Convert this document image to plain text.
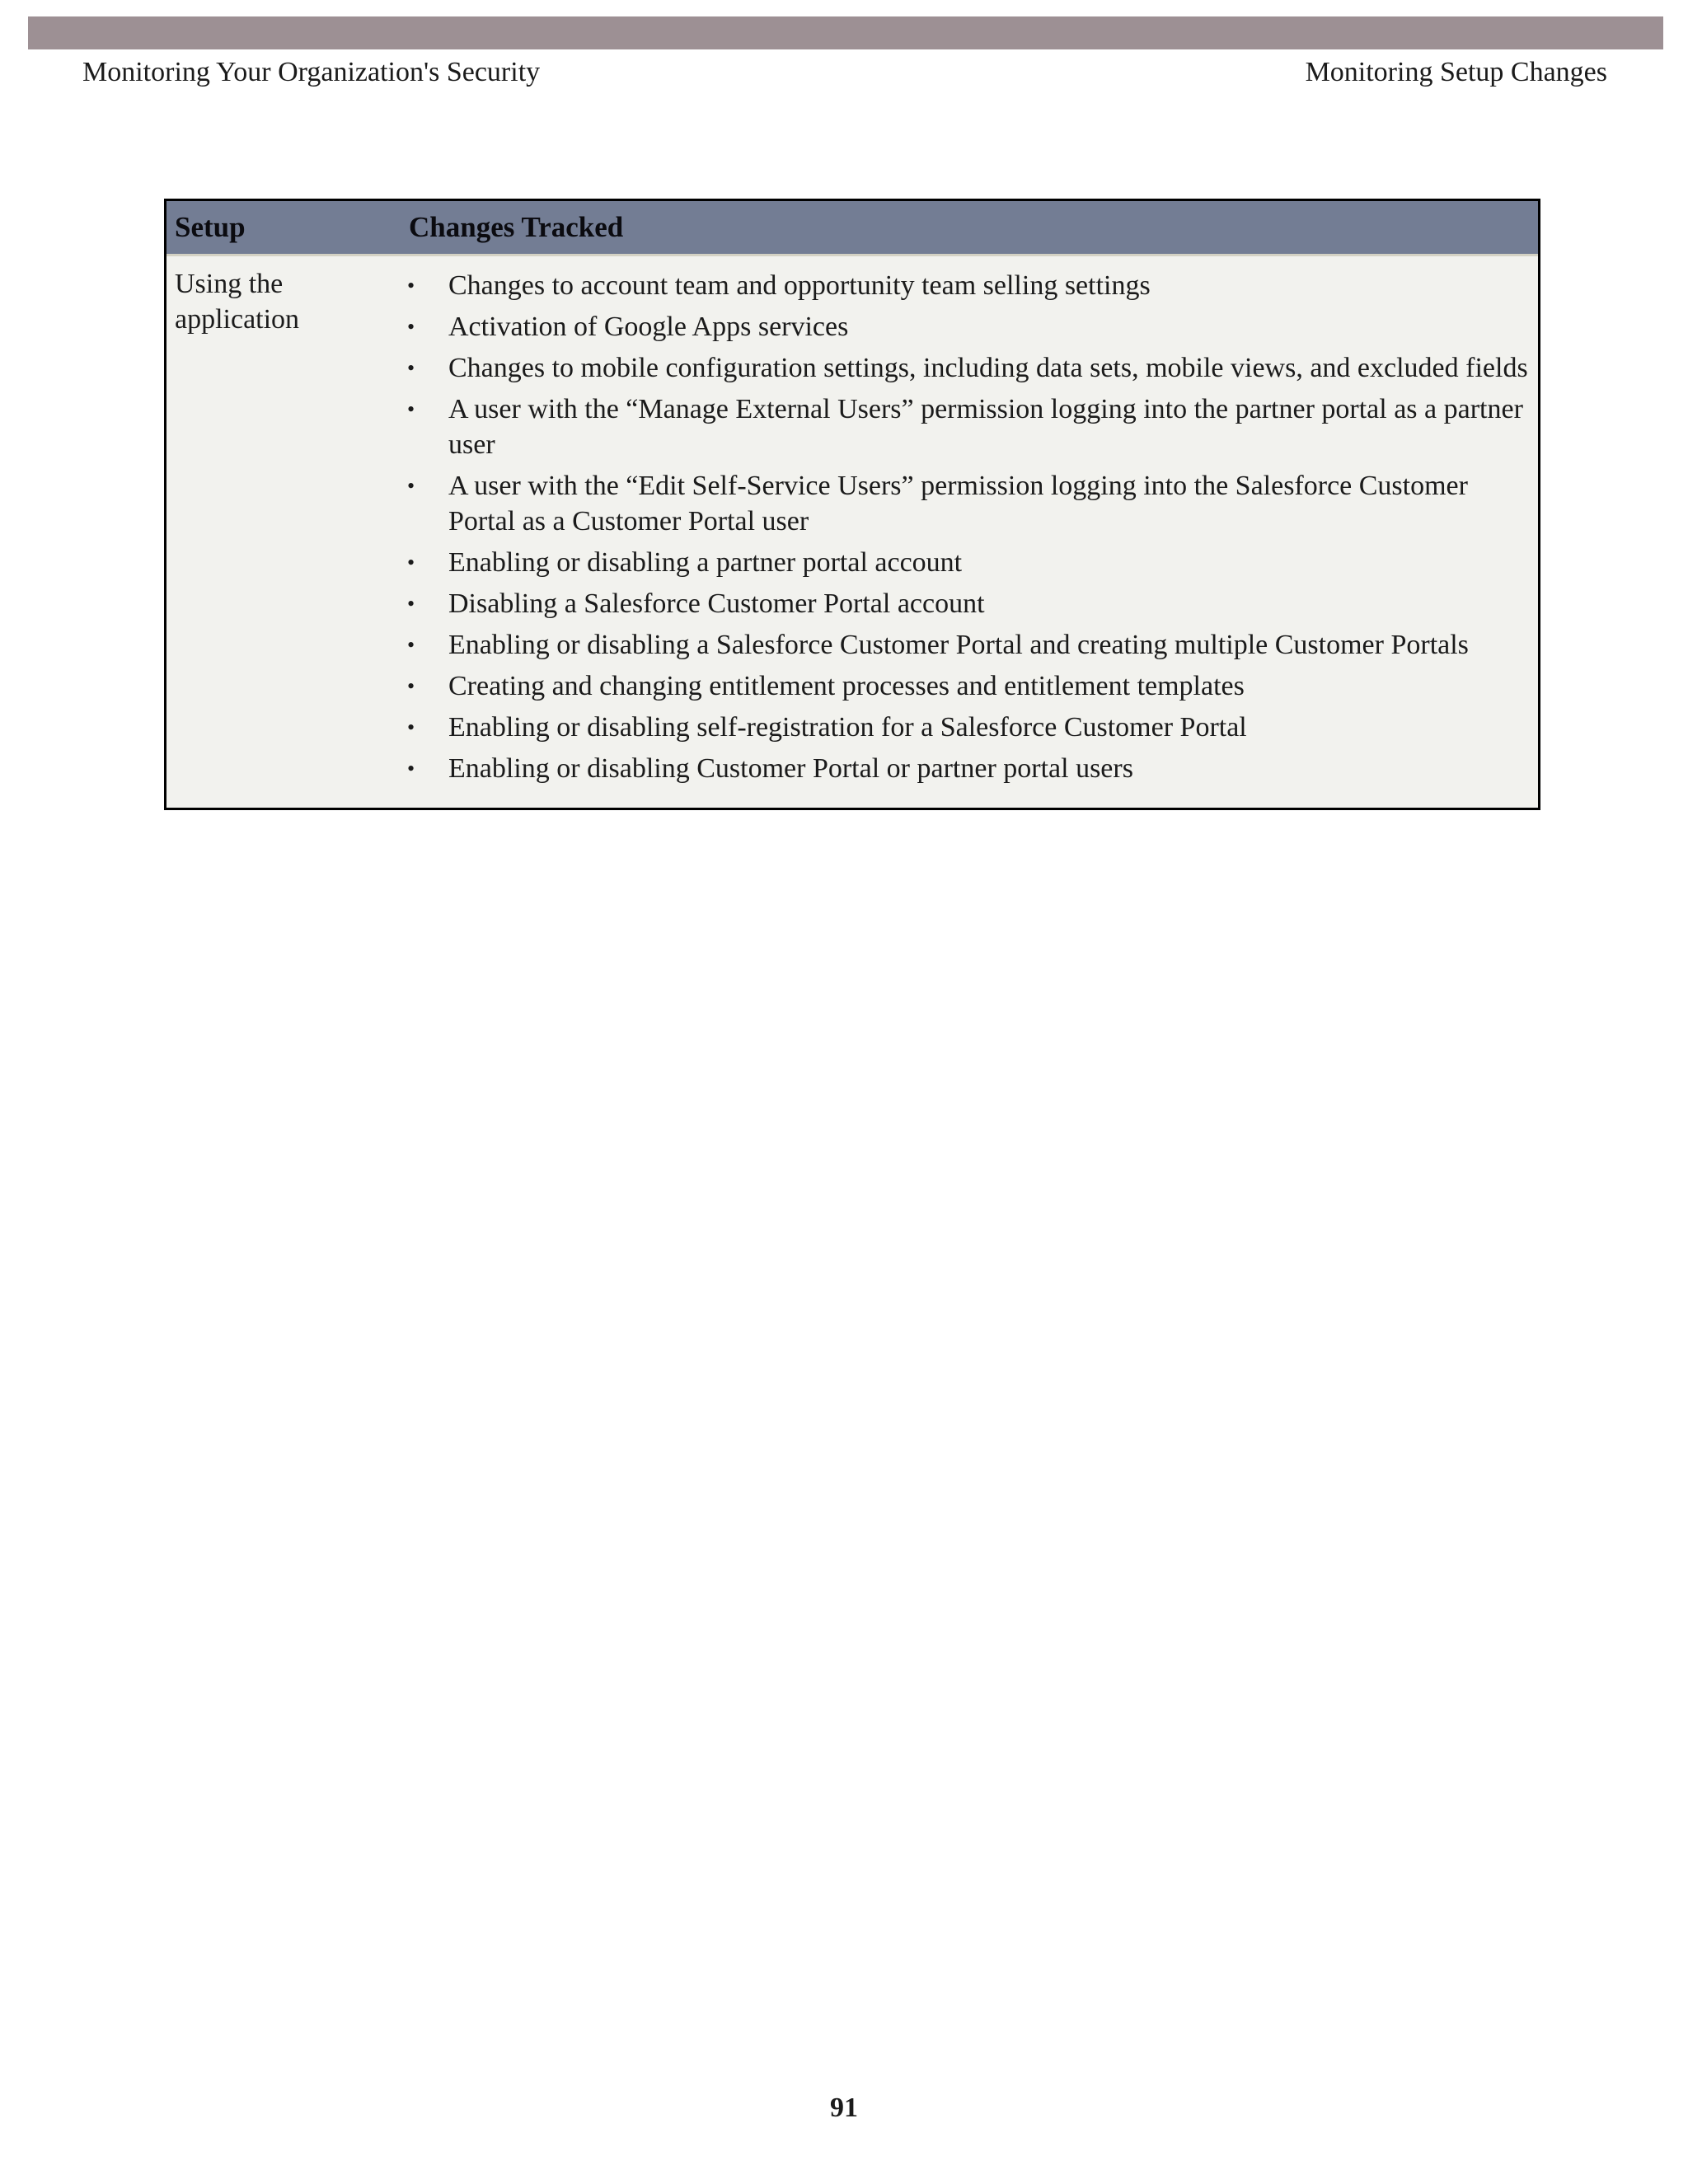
Monitoring Your Organization's Security	Monitoring Setup Changes
Setup	Changes Tracked
Using the application
• Changes to account team and opportunity team selling settings
• Activation of Google Apps services
• Changes to mobile configuration settings, including data sets, mobile views, and excluded fields
• A user with the “Manage External Users” permission logging into the partner portal as a partner user
• A user with the “Edit Self-Service Users” permission logging into the Salesforce Customer Portal as a Customer Portal user
• Enabling or disabling a partner portal account
• Disabling a Salesforce Customer Portal account
• Enabling or disabling a Salesforce Customer Portal and creating multiple Customer Portals
• Creating and changing entitlement processes and entitlement templates
• Enabling or disabling self-registration for a Salesforce Customer Portal
• Enabling or disabling Customer Portal or partner portal users
91
